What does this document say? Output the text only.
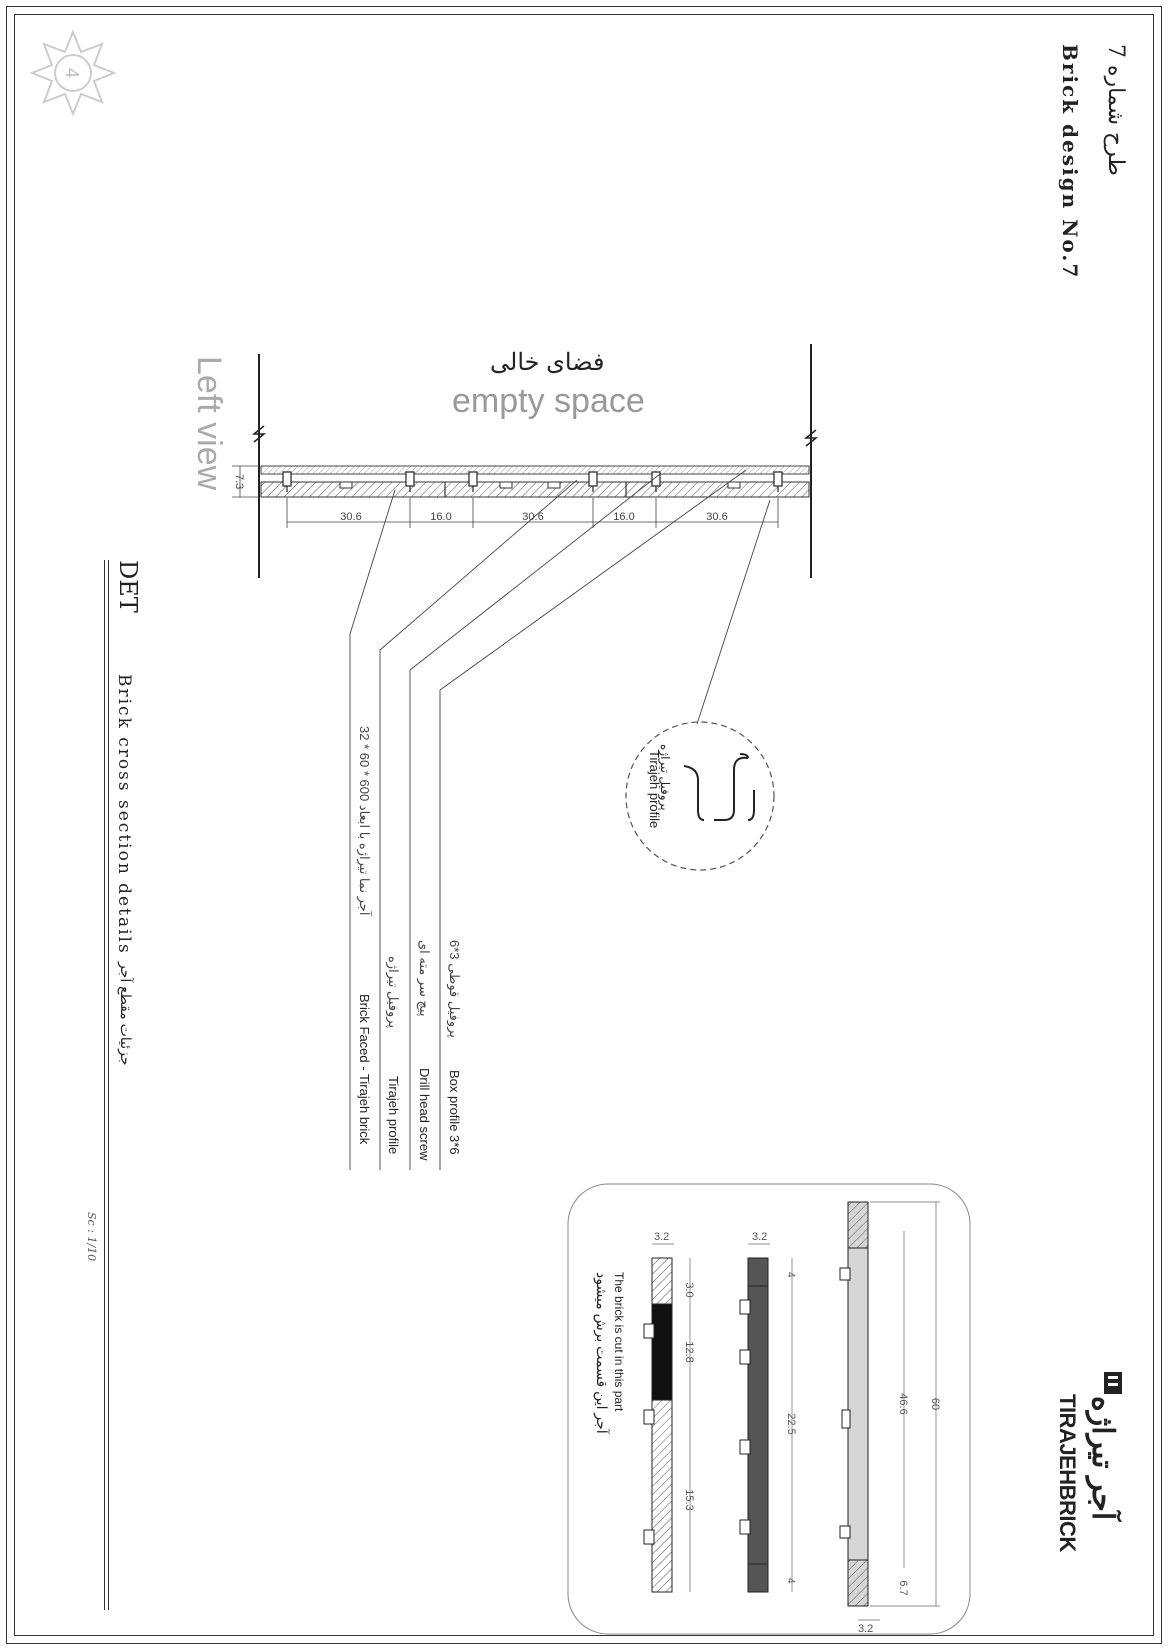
طرح شماره 7
Brick design No.7
4
7.3
30.6	16.0	30.6	16.0	30.6
فضای خالی
empty space
Left view
پروفیل تیراژه
Tirajeh profile
پروفیل قوطی 3*6
Box profile 3*6
پیچ سر مته ای
Drill head screw
پروفیل تیراژه
Tirajeh profile
آجر نما تیراژه با ابعاد 600 * 60 * 32
Brick Faced - Tirajeh brick
DET
Brick cross section details
جزئیات مقطع آجر
Sc : 1/10
60
46.6
6.7
3.2
3.2
4
22.5
4
3.2
3.0
12.8
15.3
The brick is cut in this part
آجر این قسمت برش میشود
آجر تیراژه
TIRAJEHBRICK
